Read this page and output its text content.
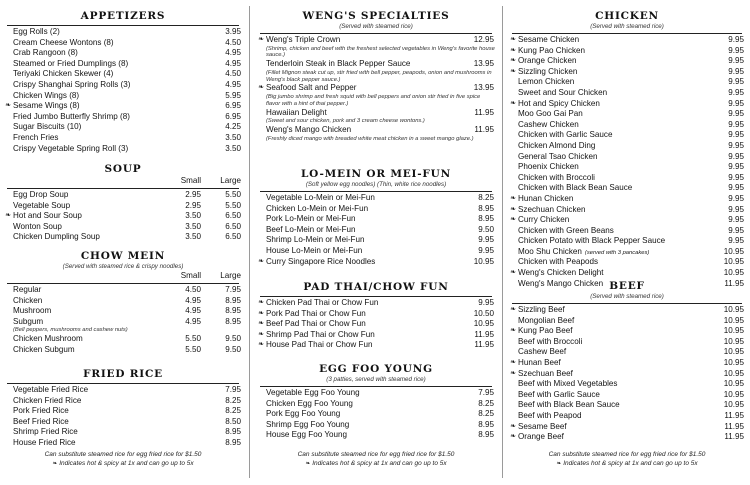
APPETIZERS
Egg Rolls (2)	3.95
Cream Cheese Wontons (8)	4.50
Crab Rangoon (8)	4.95
Steamed or Fried Dumplings (8)	4.95
Teriyaki Chicken Skewer (4)	4.50
Crispy Shanghai Spring Rolls (3)	4.95
Chicken Wings (8)	5.95
❧ Sesame Wings (8)	6.95
Fried Jumbo Butterfly Shrimp (8)	6.95
Sugar Biscuits (10)	4.25
French Fries	3.50
Crispy Vegetable Spring Roll (3)	3.50
SOUP
Small	Large
Egg Drop Soup	2.95	5.50
Vegetable Soup	2.95	5.50
❧ Hot and Sour Soup	3.50	6.50
Wonton Soup	3.50	6.50
Chicken Dumpling Soup	3.50	6.50
CHOW MEIN
(Served with steamed rice & crispy noodles)
Small	Large
Regular	4.50	7.95
Chicken	4.95	8.95
Mushroom	4.95	8.95
Subgum	4.95	8.95
(Bell peppers, mushrooms and cashew nuts)
Chicken Mushroom	5.50	9.50
Chicken Subgum	5.50	9.50
FRIED RICE
Vegetable Fried Rice	7.95
Chicken Fried Rice	8.25
Pork Fried Rice	8.25
Beef Fried Rice	8.50
Shrimp Fried Rice	8.95
House Fried Rice	8.95
Can substitute steamed rice for egg fried rice for $1.50
❧ Indicates hot & spicy at 1x and can go up to 5x
WENG'S SPECIALTIES
(Served with steamed rice)
❧ Weng's Triple Crown	12.95
(Shrimp, chicken and beef with the freshest selected vegetables in Weng's favorite house sauce.)
Tenderloin Steak in Black Pepper Sauce	13.95
(Fillet Mignon steak cut up, stir fried with bell pepper, peapods, onion and mushrooms in Weng's black pepper sauce.)
❧ Seafood Salt and Pepper	13.95
(Big jumbo shrimp and fresh squid with bell peppers and onion stir fried in five spice flavor with a hint of thai pepper.)
Hawaiian Delight	11.95
(Sweet and sour chicken, pork and 3 cream cheese wontons.)
Weng's Mango Chicken	11.95
(Freshly diced mango with breaded white meat chicken in a sweet mango glaze.)
LO-MEIN OR MEI-FUN
(Soft yellow egg noodles) (Thin, white rice noodles)
Vegetable Lo-Mein or Mei-Fun	8.25
Chicken Lo-Mein or Mei-Fun	8.95
Pork Lo-Mein or Mei-Fun	8.95
Beef Lo-Mein or Mei-Fun	9.50
Shrimp Lo-Mein or Mei-Fun	9.95
House Lo-Mein or Mei-Fun	9.95
❧ Curry Singapore Rice Noodles	10.95
PAD THAI/CHOW FUN
❧ Chicken Pad Thai or Chow Fun	9.95
❧ Pork Pad Thai or Chow Fun	10.50
❧ Beef Pad Thai or Chow Fun	10.95
❧ Shrimp Pad Thai or Chow Fun	11.95
❧ House Pad Thai or Chow Fun	11.95
EGG FOO YOUNG
(3 patties, served with steamed rice)
Vegetable Egg Foo Young	7.95
Chicken Egg Foo Young	8.25
Pork Egg Foo Young	8.25
Shrimp Egg Foo Young	8.95
House Egg Foo Young	8.95
Can substitute steamed rice for egg fried rice for $1.50
❧ Indicates hot & spicy at 1x and can go up to 5x
CHICKEN
(Served with steamed rice)
❧ Sesame Chicken	9.95
❧ Kung Pao Chicken	9.95
❧ Orange Chicken	9.95
❧ Sizzling Chicken	9.95
Lemon Chicken	9.95
Sweet and Sour Chicken	9.95
❧ Hot and Spicy Chicken	9.95
Moo Goo Gai Pan	9.95
Cashew Chicken	9.95
Chicken with Garlic Sauce	9.95
Chicken Almond Ding	9.95
General Tsao Chicken	9.95
Phoenix Chicken	9.95
Chicken with Broccoli	9.95
Chicken with Black Bean Sauce	9.95
❧ Hunan Chicken	9.95
❧ Szechuan Chicken	9.95
❧ Curry Chicken	9.95
Chicken with Green Beans	9.95
Chicken Potato with Black Pepper Sauce	9.95
Moo Shu Chicken (served with 3 pancakes)	10.95
Chicken with Peapods	10.95
❧ Weng's Chicken Delight	10.95
Weng's Mango Chicken	11.95
BEEF
(Served with steamed rice)
❧ Sizzling Beef	10.95
Mongolian Beef	10.95
❧ Kung Pao Beef	10.95
Beef with Broccoli	10.95
Cashew Beef	10.95
❧ Hunan Beef	10.95
❧ Szechuan Beef	10.95
Beef with Mixed Vegetables	10.95
Beef with Garlic Sauce	10.95
Beef with Black Bean Sauce	10.95
Beef with Peapod	11.95
❧ Sesame Beef	11.95
❧ Orange Beef	11.95
Can substitute steamed rice for egg fried rice for $1.50
❧ Indicates hot & spicy at 1x and can go up to 5x
